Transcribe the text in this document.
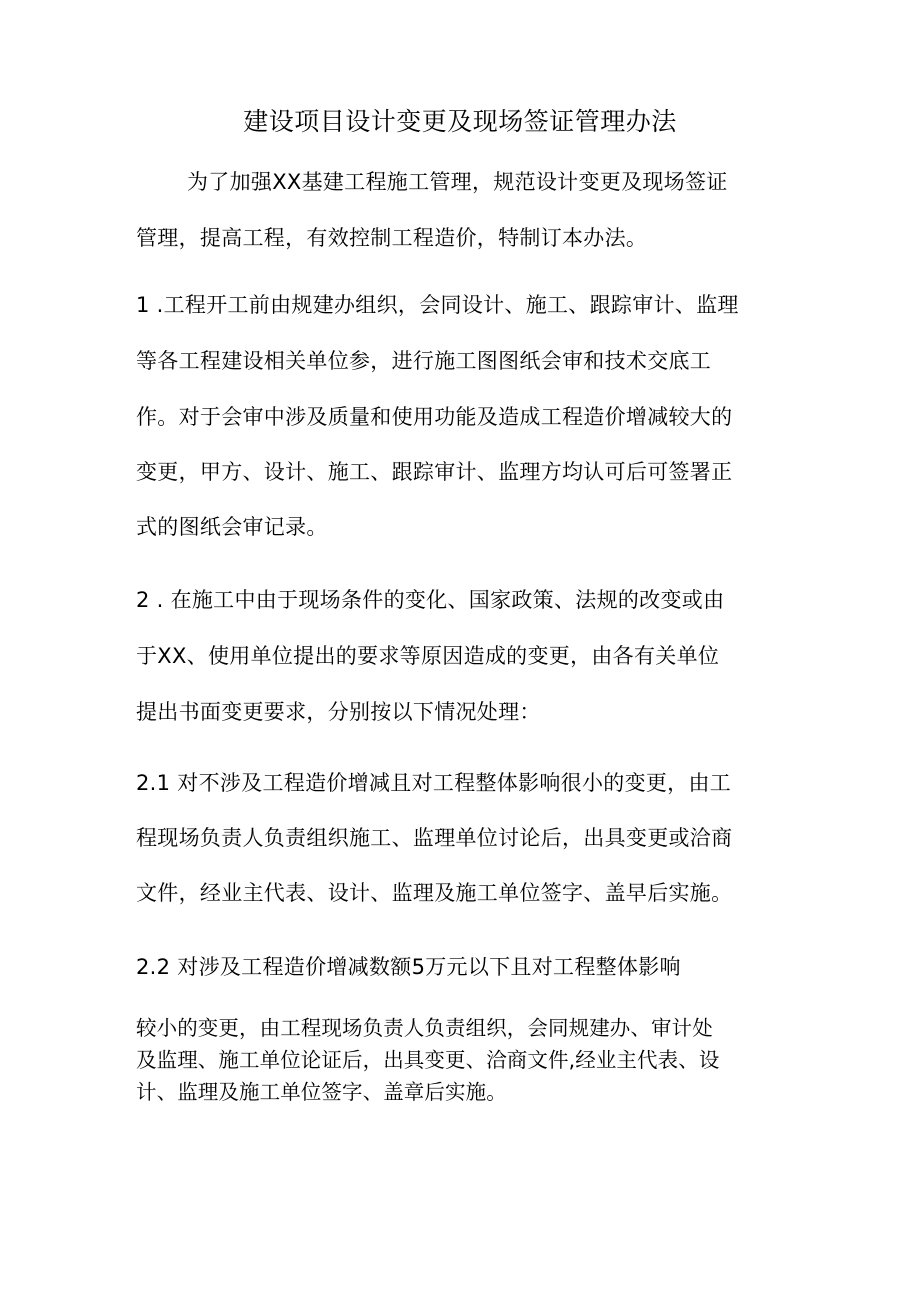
建设项目设计变更及现场签证管理办法
为了加强XX基建工程施工管理，规范设计变更及现场签证
管理，提高工程，有效控制工程造价，特制订本办法。
1 .工程开工前由规建办组织，会同设计、施工、跟踪审计、监理
等各工程建设相关单位参，进行施工图图纸会审和技术交底工
作。对于会审中涉及质量和使用功能及造成工程造价增减较大的
变更，甲方、设计、施工、跟踪审计、监理方均认可后可签署正
式的图纸会审记录。
2 . 在施工中由于现场条件的变化、国家政策、法规的改变或由
于XX、使用单位提出的要求等原因造成的变更，由各有关单位
提出书面变更要求，分别按以下情况处理：
2.1 对不涉及工程造价增减且对工程整体影响很小的变更，由工
程现场负责人负责组织施工、监理单位讨论后，出具变更或洽商
文件，经业主代表、设计、监理及施工单位签字、盖早后实施。
2.2 对涉及工程造价增减数额5万元以下且对工程整体影响
较小的变更，由工程现场负责人负责组织，会同规建办、审计处
及监理、施工单位论证后，出具变更、洽商文件,经业主代表、设
计、监理及施工单位签字、盖章后实施。
